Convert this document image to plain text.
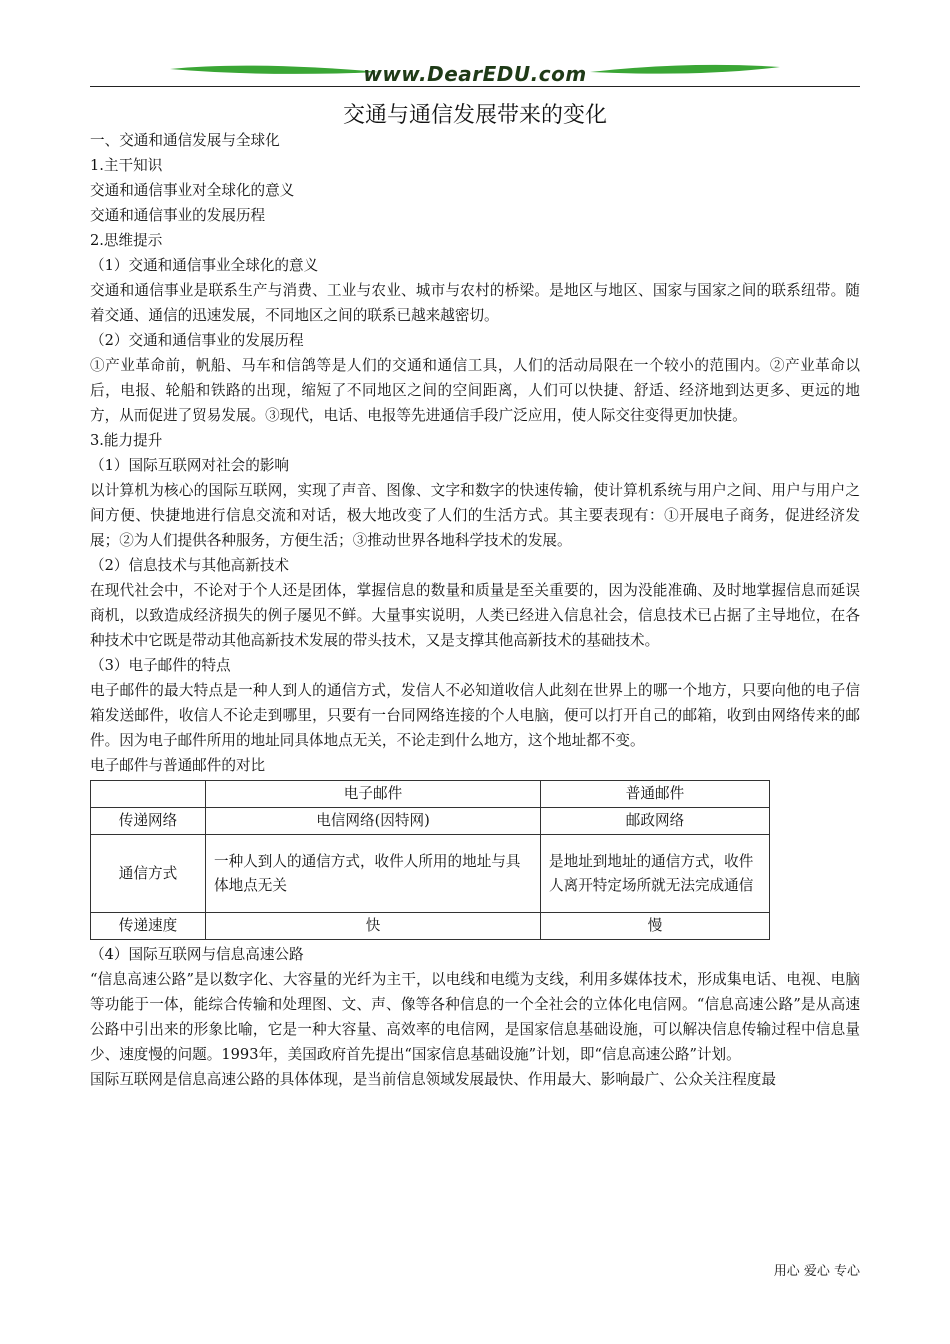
www.DearEDU.com
交通与通信发展带来的变化

一、交通和通信发展与全球化

1.主干知识

交通和通信事业对全球化的意义

交通和通信事业的发展历程

2.思维提示

（1）交通和通信事业全球化的意义

交通和通信事业是联系生产与消费、工业与农业、城市与农村的桥梁。是地区与地区、国家与国家之间的联系纽带。随着交通、通信的迅速发展，不同地区之间的联系已越来越密切。

（2）交通和通信事业的发展历程

①产业革命前，帆船、马车和信鸽等是人们的交通和通信工具，人们的活动局限在一个较小的范围内。②产业革命以后，电报、轮船和铁路的出现，缩短了不同地区之间的空间距离，人们可以快捷、舒适、经济地到达更多、更远的地方，从而促进了贸易发展。③现代，电话、电报等先进通信手段广泛应用，使人际交往变得更加快捷。

3.能力提升

（1）国际互联网对社会的影响

以计算机为核心的国际互联网，实现了声音、图像、文字和数字的快速传输，使计算机系统与用户之间、用户与用户之间方便、快捷地进行信息交流和对话，极大地改变了人们的生活方式。其主要表现有：①开展电子商务，促进经济发展；②为人们提供各种服务，方便生活；③推动世界各地科学技术的发展。

（2）信息技术与其他高新技术

在现代社会中，不论对于个人还是团体，掌握信息的数量和质量是至关重要的，因为没能准确、及时地掌握信息而延误商机，以致造成经济损失的例子屡见不鲜。大量事实说明，人类已经进入信息社会，信息技术已占据了主导地位，在各种技术中它既是带动其他高新技术发展的带头技术，又是支撑其他高新技术的基础技术。

（3）电子邮件的特点

电子邮件的最大特点是一种人到人的通信方式，发信人不必知道收信人此刻在世界上的哪一个地方，只要向他的电子信箱发送邮件，收信人不论走到哪里，只要有一台同网络连接的个人电脑，便可以打开自己的邮箱，收到由网络传来的邮件。因为电子邮件所用的地址同具体地点无关，不论走到什么地方，这个地址都不变。

电子邮件与普通邮件的对比

	电子邮件	普通邮件
传递网络	电信网络(因特网)	邮政网络
通信方式	一种人到人的通信方式，收件人所用的地址与具体地点无关	是地址到地址的通信方式，收件人离开特定场所就无法完成通信
传递速度	快	慢

（4）国际互联网与信息高速公路

“信息高速公路”是以数字化、大容量的光纤为主干，以电线和电缆为支线，利用多媒体技术，形成集电话、电视、电脑等功能于一体，能综合传输和处理图、文、声、像等各种信息的一个全社会的立体化电信网。“信息高速公路”是从高速公路中引出来的形象比喻，它是一种大容量、高效率的电信网，是国家信息基础设施，可以解决信息传输过程中信息量少、速度慢的问题。1993年，美国政府首先提出“国家信息基础设施”计划，即“信息高速公路”计划。

国际互联网是信息高速公路的具体体现，是当前信息领域发展最快、作用最大、影响最广、公众关注程度最

用心 爱心 专心
